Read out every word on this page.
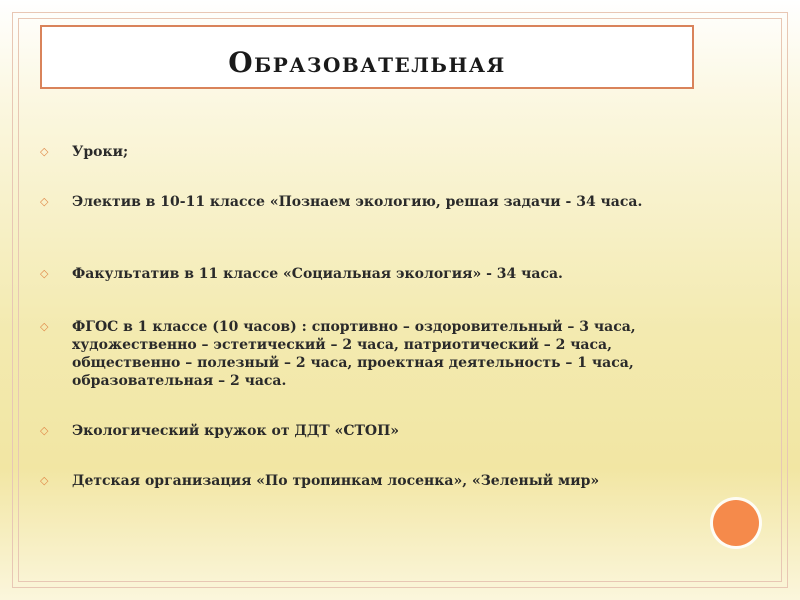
Образовательная
◇	Уроки;
◇	Электив в 10-11 классе «Познаем экологию, решая задачи - 34 часа.
◇	Факультатив в 11 классе «Социальная экология» - 34 часа.
◇	ФГОС в 1 классе (10 часов) : спортивно – оздоровительный – 3 часа, художественно – эстетический – 2 часа, патриотический – 2 часа, общественно – полезный – 2 часа, проектная деятельность – 1 часа, образовательная – 2 часа.
◇	Экологический кружок от ДДТ «СТОП»
◇	Детская организация «По тропинкам лосенка», «Зеленый мир»
